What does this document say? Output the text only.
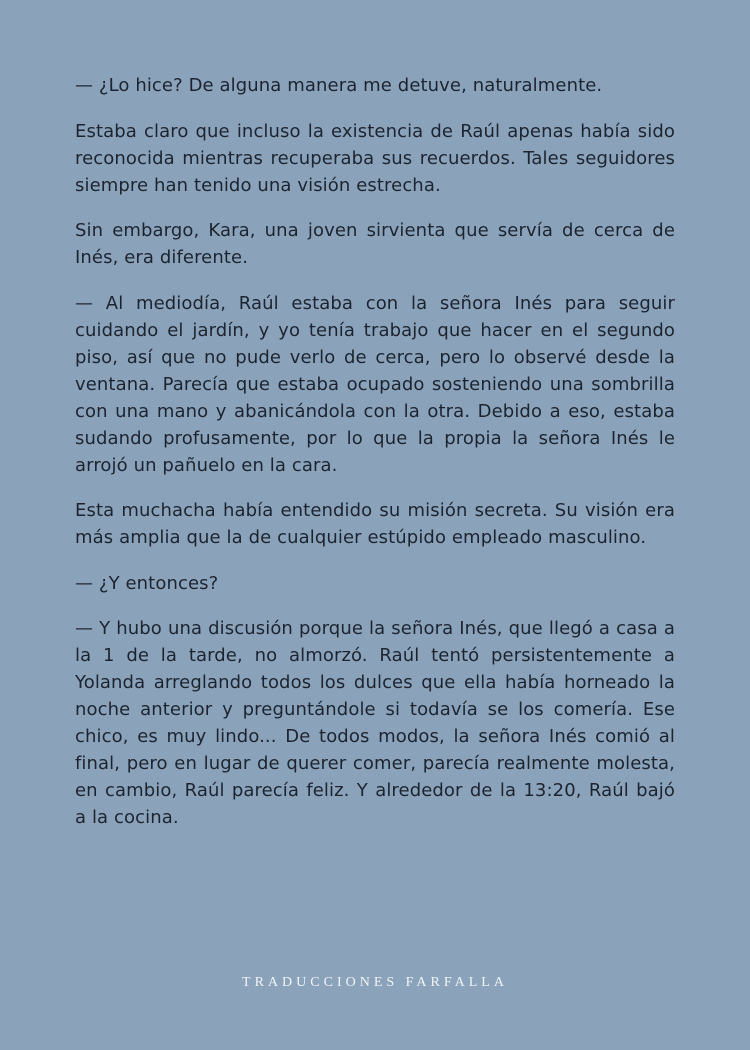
— ¿Lo hice? De alguna manera me detuve, naturalmente.

Estaba claro que incluso la existencia de Raúl apenas había sido reconocida mientras recuperaba sus recuerdos. Tales seguidores siempre han tenido una visión estrecha.

Sin embargo, Kara, una joven sirvienta que servía de cerca de Inés, era diferente.

— Al mediodía, Raúl estaba con la señora Inés para seguir cuidando el jardín, y yo tenía trabajo que hacer en el segundo piso, así que no pude verlo de cerca, pero lo observé desde la ventana. Parecía que estaba ocupado sosteniendo una sombrilla con una mano y abanicándola con la otra. Debido a eso, estaba sudando profusamente, por lo que la propia la señora Inés le arrojó un pañuelo en la cara.

Esta muchacha había entendido su misión secreta. Su visión era más amplia que la de cualquier estúpido empleado masculino.

— ¿Y entonces?

— Y hubo una discusión porque la señora Inés, que llegó a casa a la 1 de la tarde, no almorzó. Raúl tentó persistentemente a Yolanda arreglando todos los dulces que ella había horneado la noche anterior y preguntándole si todavía se los comería. Ese chico, es muy lindo... De todos modos, la señora Inés comió al final, pero en lugar de querer comer, parecía realmente molesta, en cambio, Raúl parecía feliz. Y alrededor de la 13:20, Raúl bajó a la cocina.

TRADUCCIONES FARFALLA
